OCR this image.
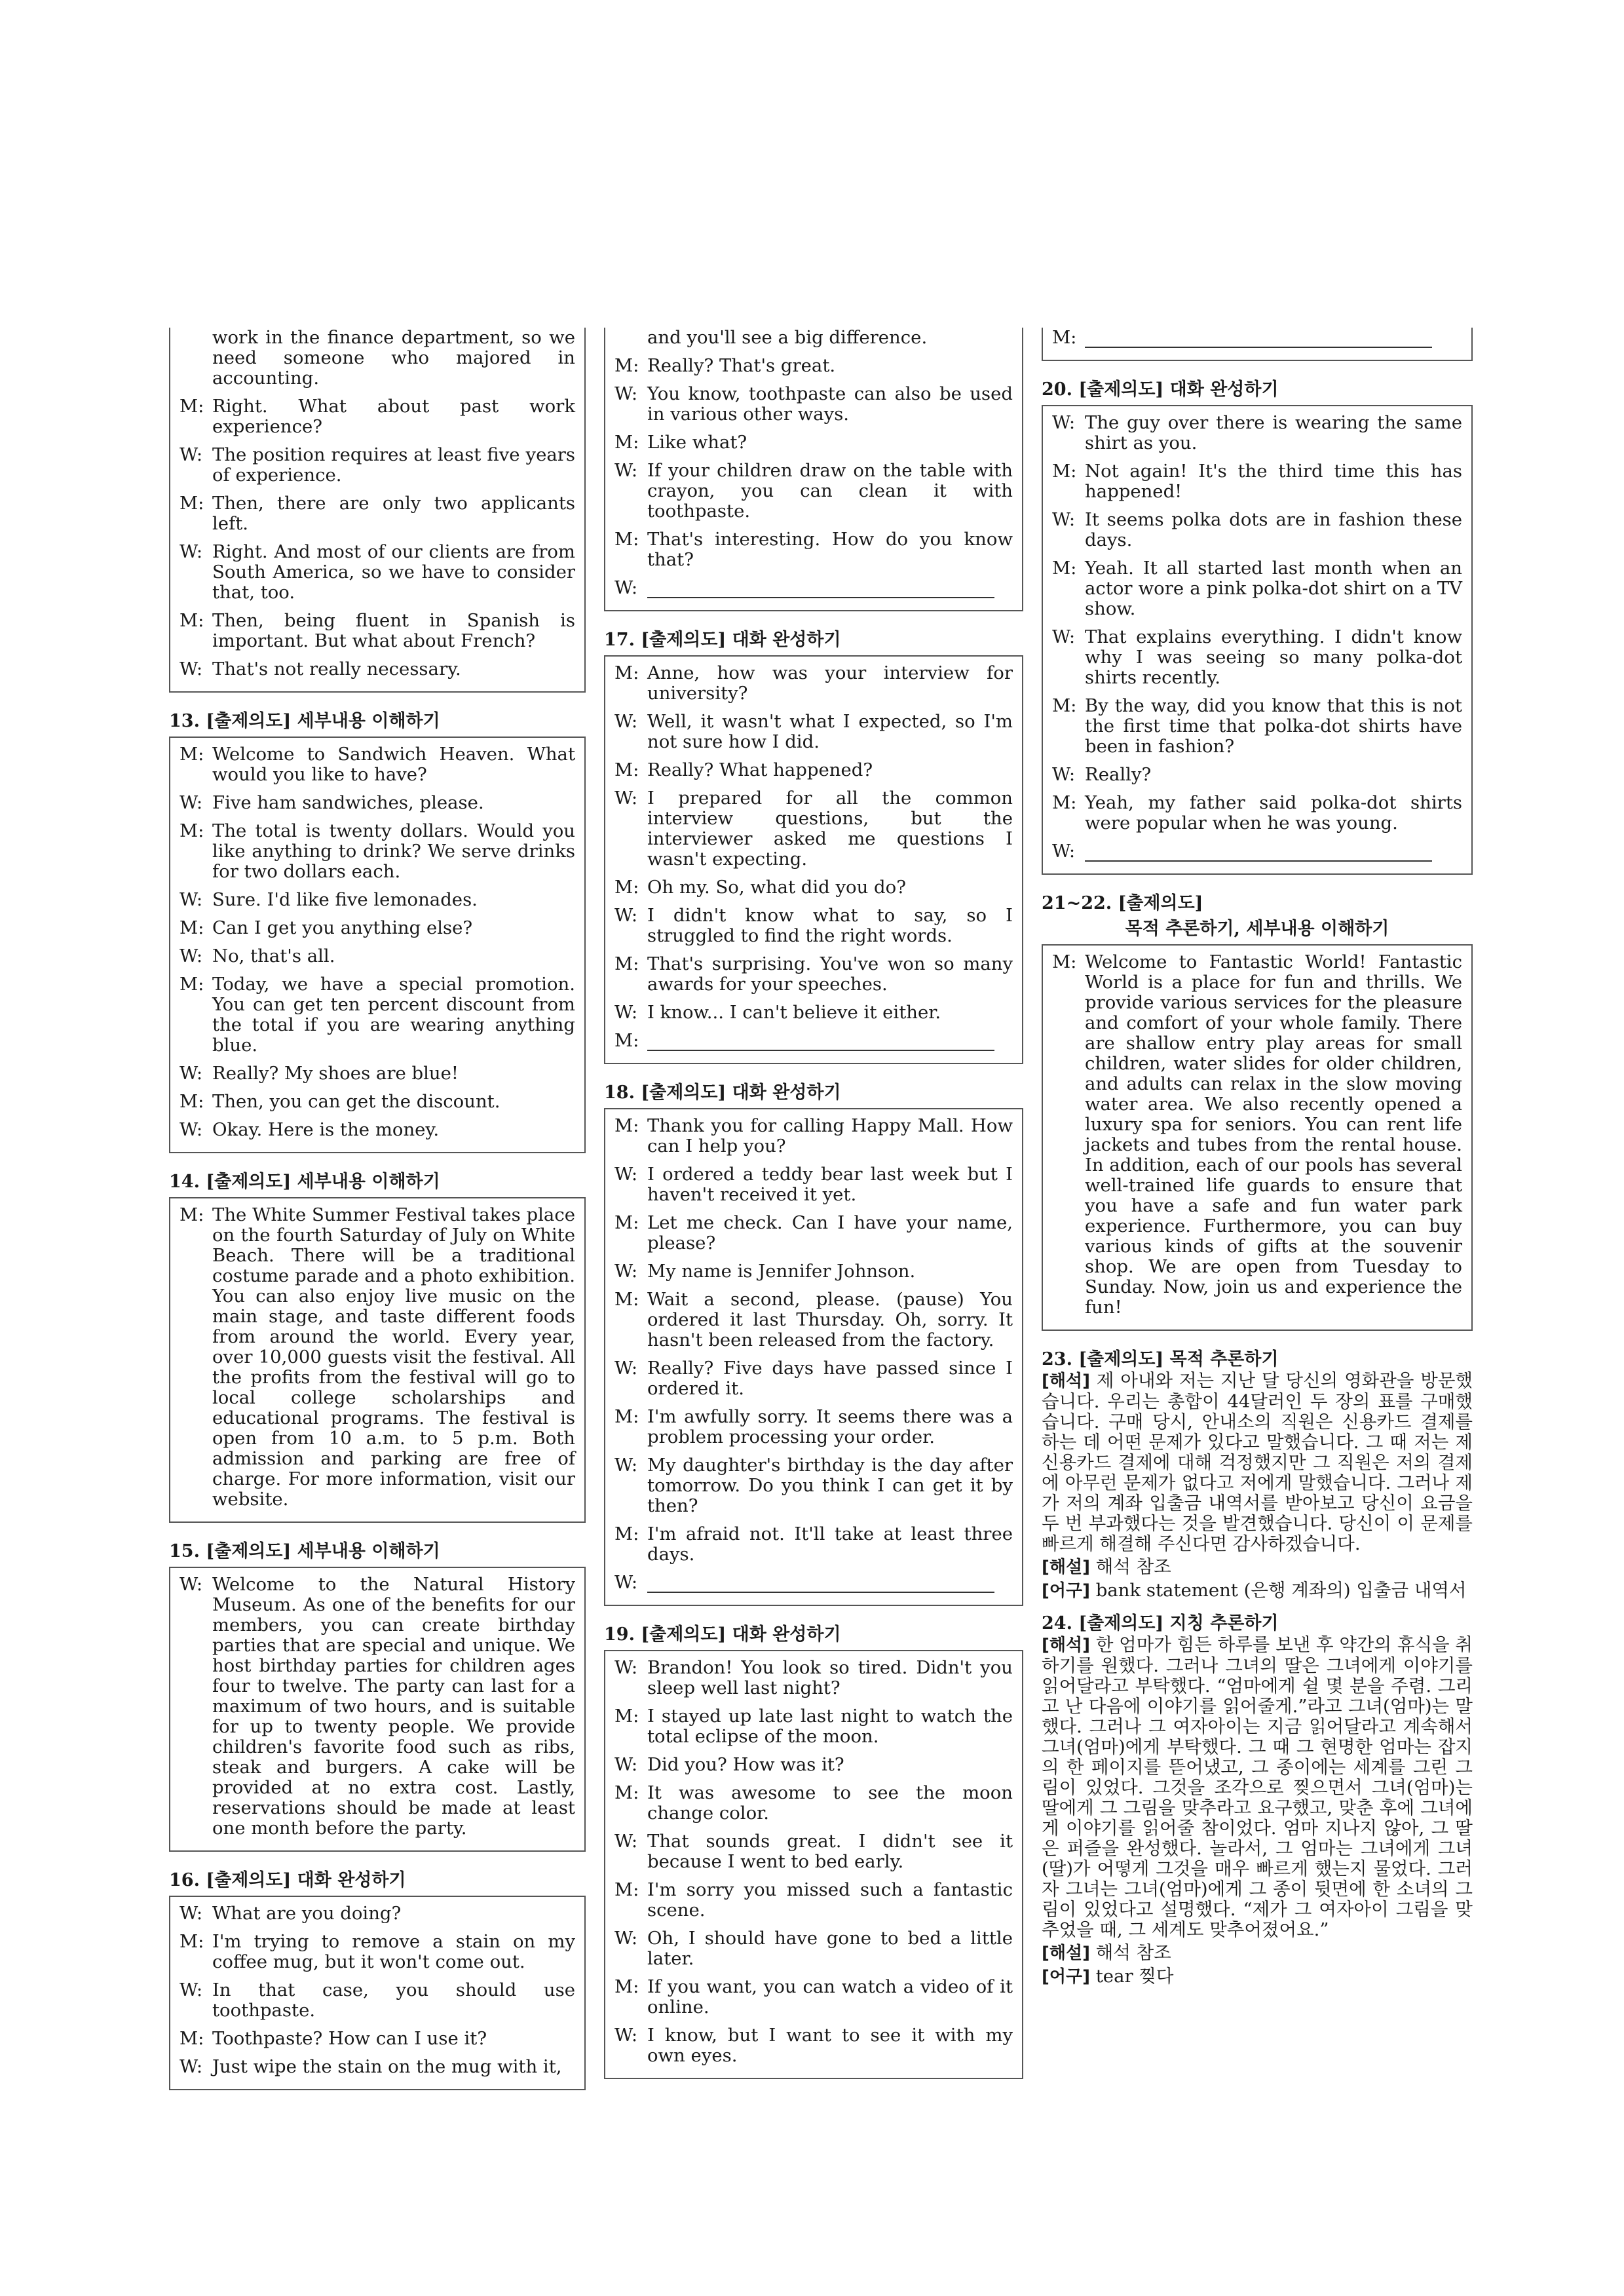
work in the finance department, so we need someone who majored in accounting.
M: Right. What about past work experience?
W: The position requires at least five years of experience.
M: Then, there are only two applicants left.
W: Right. And most of our clients are from South America, so we have to consider that, too.
M: Then, being fluent in Spanish is important. But what about French?
W: That's not really necessary.
13. [출제의도] 세부내용 이해하기
M: Welcome to Sandwich Heaven. What would you like to have?
W: Five ham sandwiches, please.
M: The total is twenty dollars. Would you like anything to drink? We serve drinks for two dollars each.
W: Sure. I'd like five lemonades.
M: Can I get you anything else?
W: No, that's all.
M: Today, we have a special promotion. You can get ten percent discount from the total if you are wearing anything blue.
W: Really? My shoes are blue!
M: Then, you can get the discount.
W: Okay. Here is the money.
14. [출제의도] 세부내용 이해하기
M: The White Summer Festival takes place on the fourth Saturday of July on White Beach. There will be a traditional costume parade and a photo exhibition. You can also enjoy live music on the main stage, and taste different foods from around the world. Every year, over 10,000 guests visit the festival. All the profits from the festival will go to local college scholarships and educational programs. The festival is open from 10 a.m. to 5 p.m. Both admission and parking are free of charge. For more information, visit our website.
15. [출제의도] 세부내용 이해하기
W: Welcome to the Natural History Museum. As one of the benefits for our members, you can create birthday parties that are special and unique. We host birthday parties for children ages four to twelve. The party can last for a maximum of two hours, and is suitable for up to twenty people. We provide children's favorite food such as ribs, steak and burgers. A cake will be provided at no extra cost. Lastly, reservations should be made at least one month before the party.
16. [출제의도] 대화 완성하기
W: What are you doing?
M: I'm trying to remove a stain on my coffee mug, but it won't come out.
W: In that case, you should use toothpaste.
M: Toothpaste? How can I use it?
W: Just wipe the stain on the mug with it,
and you'll see a big difference.
M: Really? That's great.
W: You know, toothpaste can also be used in various other ways.
M: Like what?
W: If your children draw on the table with crayon, you can clean it with toothpaste.
M: That's interesting. How do you know that?
W:
17. [출제의도] 대화 완성하기
M: Anne, how was your interview for university?
W: Well, it wasn't what I expected, so I'm not sure how I did.
M: Really? What happened?
W: I prepared for all the common interview questions, but the interviewer asked me questions I wasn't expecting.
M: Oh my. So, what did you do?
W: I didn't know what to say, so I struggled to find the right words.
M: That's surprising. You've won so many awards for your speeches.
W: I know... I can't believe it either.
M:
18. [출제의도] 대화 완성하기
M: Thank you for calling Happy Mall. How can I help you?
W: I ordered a teddy bear last week but I haven't received it yet.
M: Let me check. Can I have your name, please?
W: My name is Jennifer Johnson.
M: Wait a second, please. (pause) You ordered it last Thursday. Oh, sorry. It hasn't been released from the factory.
W: Really? Five days have passed since I ordered it.
M: I'm awfully sorry. It seems there was a problem processing your order.
W: My daughter's birthday is the day after tomorrow. Do you think I can get it by then?
M: I'm afraid not. It'll take at least three days.
W:
19. [출제의도] 대화 완성하기
W: Brandon! You look so tired. Didn't you sleep well last night?
M: I stayed up late last night to watch the total eclipse of the moon.
W: Did you? How was it?
M: It was awesome to see the moon change color.
W: That sounds great. I didn't see it because I went to bed early.
M: I'm sorry you missed such a fantastic scene.
W: Oh, I should have gone to bed a little later.
M: If you want, you can watch a video of it online.
W: I know, but I want to see it with my own eyes.
M:
20. [출제의도] 대화 완성하기
W: The guy over there is wearing the same shirt as you.
M: Not again! It's the third time this has happened!
W: It seems polka dots are in fashion these days.
M: Yeah. It all started last month when an actor wore a pink polka-dot shirt on a TV show.
W: That explains everything. I didn't know why I was seeing so many polka-dot shirts recently.
M: By the way, did you know that this is not the first time that polka-dot shirts have been in fashion?
W: Really?
M: Yeah, my father said polka-dot shirts were popular when he was young.
W:
21~22. [출제의도]
목적 추론하기, 세부내용 이해하기
M: Welcome to Fantastic World! Fantastic World is a place for fun and thrills. We provide various services for the pleasure and comfort of your whole family. There are shallow entry play areas for small children, water slides for older children, and adults can relax in the slow moving water area. We also recently opened a luxury spa for seniors. You can rent life jackets and tubes from the rental house. In addition, each of our pools has several well-trained life guards to ensure that you have a safe and fun water park experience. Furthermore, you can buy various kinds of gifts at the souvenir shop. We are open from Tuesday to Sunday. Now, join us and experience the fun!
23. [출제의도] 목적 추론하기

[해석] 제 아내와 저는 지난 달 당신의 영화관을 방문했습니다. 우리는 총합이 44달러인 두 장의 표를 구매했습니다. 구매 당시, 안내소의 직원은 신용카드 결제를 하는 데 어떤 문제가 있다고 말했습니다. 그 때 저는 제 신용카드 결제에 대해 걱정했지만 그 직원은 저의 결제에 아무런 문제가 없다고 저에게 말했습니다. 그러나 제가 저의 계좌 입출금 내역서를 받아보고 당신이 요금을 두 번 부과했다는 것을 발견했습니다. 당신이 이 문제를 빠르게 해결해 주신다면 감사하겠습니다.

[해설] 해석 참조

[어구] bank statement (은행 계좌의) 입출금 내역서

24. [출제의도] 지칭 추론하기

[해석] 한 엄마가 힘든 하루를 보낸 후 약간의 휴식을 취하기를 원했다. 그러나 그녀의 딸은 그녀에게 이야기를 읽어달라고 부탁했다. “엄마에게 쉴 몇 분을 주렴. 그리고 난 다음에 이야기를 읽어줄게.”라고 그녀(엄마)는 말했다. 그러나 그 여자아이는 지금 읽어달라고 계속해서 그녀(엄마)에게 부탁했다. 그 때 그 현명한 엄마는 잡지의 한 페이지를 뜯어냈고, 그 종이에는 세계를 그린 그림이 있었다. 그것을 조각으로 찢으면서 그녀(엄마)는 딸에게 그 그림을 맞추라고 요구했고, 맞춘 후에 그녀에게 이야기를 읽어줄 참이었다. 엄마 지나지 않아, 그 딸은 퍼즐을 완성했다. 놀라서, 그 엄마는 그녀에게 그녀(딸)가 어떻게 그것을 매우 빠르게 했는지 물었다. 그러자 그녀는 그녀(엄마)에게 그 종이 뒷면에 한 소녀의 그림이 있었다고 설명했다. “제가 그 여자아이 그림을 맞추었을 때, 그 세계도 맞추어졌어요.”

[해설] 해석 참조

[어구] tear 찢다
